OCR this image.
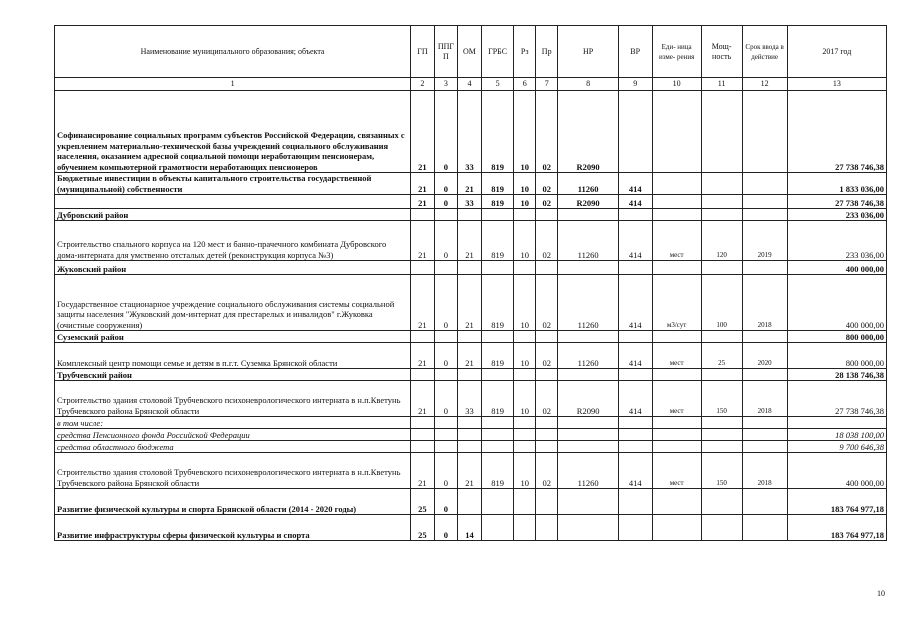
Наименование муниципального образования; объекта	ГП	ППГ П	ОМ	ГРБС	Рз	Пр	НР	ВР	Еди- ница изме- рения	Мощ- ность	Срок ввода в действие	2017 год
1	2	3	4	5	6	7	8	9	10	11	12	13
Софинансирование социальных программ субъектов Российской Федерации, связанных с укреплением материально-технической базы учреждений социального обслуживания населения, оказанием адресной социальной помощи неработающим пенсионерам, обучением компьютерной грамотности неработающих пенсионеров	21	0	33	819	10	02	R2090					27 738 746,38
Бюджетные инвестиции в объекты капитального строительства государственной (муниципальной) собственности	21	0	21	819	10	02	11260	414				1 833 036,00
	21	0	33	819	10	02	R2090	414				27 738 746,38
Дубровский район												233 036,00
Строительство спального корпуса на 120 мест и банно-прачечного комбината Дубровского дома-интерната для умственно отсталых детей (реконструкция корпуса №3)	21	0	21	819	10	02	11260	414	мест	120	2019	233 036,00
Жуковский район												400 000,00
Государственное стационарное учреждение социального обслуживания системы социальной защиты населения "Жуковский дом-интернат для престарелых и инвалидов" г.Жуковка (очистные сооружения)	21	0	21	819	10	02	11260	414	м3/сут	100	2018	400 000,00
Суземский район												800 000,00
Комплексный центр помощи семье и детям в п.г.т. Суземка Брянской области	21	0	21	819	10	02	11260	414	мест	25	2020	800 000,00
Трубчевский район												28 138 746,38
Строительство здания столовой Трубчевского психоневрологического интерната в н.п.Кветунь Трубчевского района Брянской области	21	0	33	819	10	02	R2090	414	мест	150	2018	27 738 746,38
в том числе:												
средства Пенсионного фонда Российской Федерации												18 038 100,00
средства областного бюджета												9 700 646,38
Строительство здания столовой Трубчевского психоневрологического интерната в н.п.Кветунь Трубчевского района Брянской области	21	0	21	819	10	02	11260	414	мест	150	2018	400 000,00
Развитие физической культуры и спорта Брянской области (2014 - 2020 годы)	25	0										183 764 977,18
Развитие инфраструктуры сферы физической культуры и спорта	25	0	14									183 764 977,18
10
